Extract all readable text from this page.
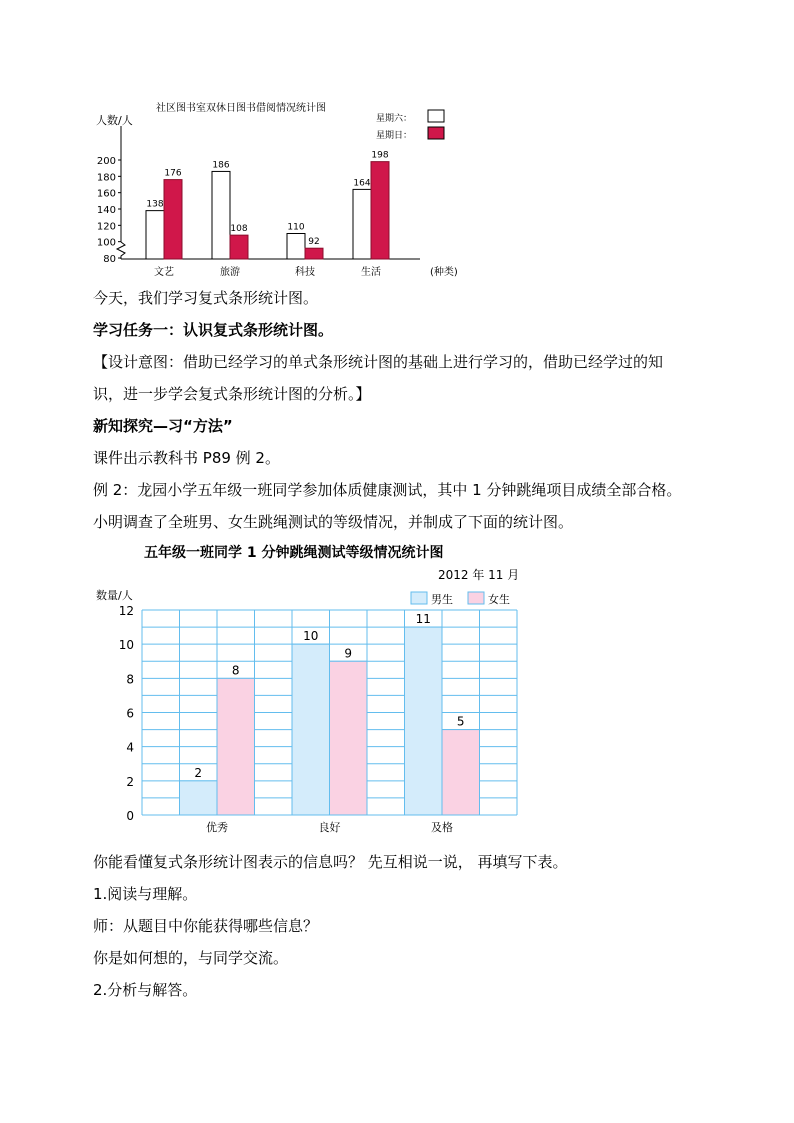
社区图书室双休日图书借阅情况统计图
人数/人
(种类)
80
100
120
140
160
180
200
138
176
文艺
186
108
旅游
110
92
科技
164
198
生活
星期六：
星期日：
今天，我们学习复式条形统计图。
学习任务一：认识复式条形统计图。
【设计意图：借助已经学习的单式条形统计图的基础上进行学习的，借助已经学过的知
识，进一步学会复式条形统计图的分析。】
新知探究—习“方法”
课件出示教科书 P89 例 2。
例 2：龙园小学五年级一班同学参加体质健康测试，其中 1 分钟跳绳项目成绩全部合格。
小明调查了全班男、女生跳绳测试的等级情况，并制成了下面的统计图。
五年级一班同学 1 分钟跳绳测试等级情况统计图
2012 年 11 月
数量/人
0
2
4
6
8
10
12
2
8
优秀
10
9
良好
11
5
及格
男生	女生
你能看懂复式条形统计图表示的信息吗？ 先互相说一说， 再填写下表。
1.阅读与理解。
师：从题目中你能获得哪些信息？
你是如何想的，与同学交流。
2.分析与解答。
